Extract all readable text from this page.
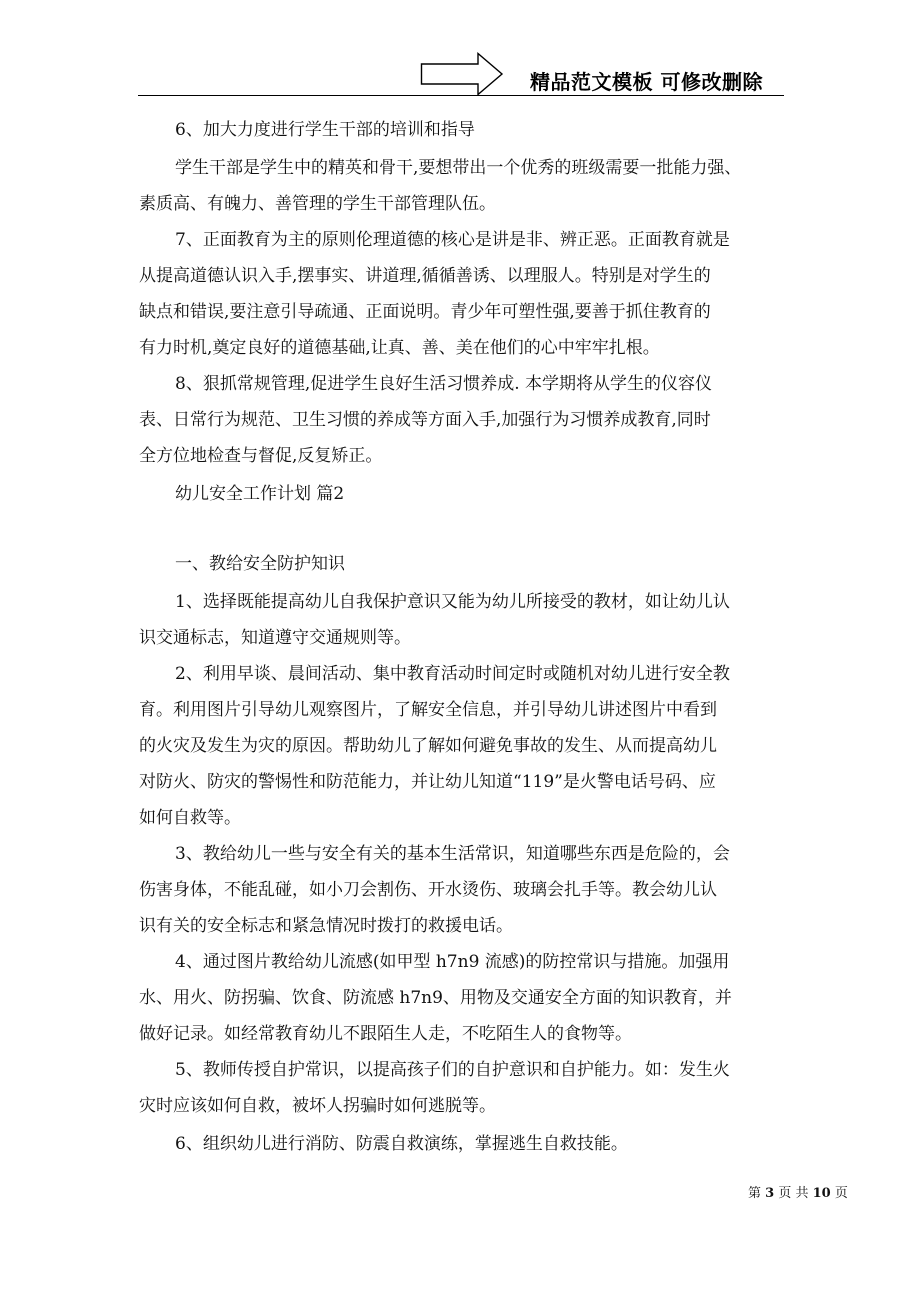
精品范文模板 可修改删除
6、加大力度进行学生干部的培训和指导
学生干部是学生中的精英和骨干,要想带出一个优秀的班级需要一批能力强、
素质高、有魄力、善管理的学生干部管理队伍。
7、正面教育为主的原则伦理道德的核心是讲是非、辨正恶。正面教育就是
从提高道德认识入手,摆事实、讲道理,循循善诱、以理服人。特别是对学生的
缺点和错误,要注意引导疏通、正面说明。青少年可塑性强,要善于抓住教育的
有力时机,奠定良好的道德基础,让真、善、美在他们的心中牢牢扎根。
8、狠抓常规管理,促进学生良好生活习惯养成. 本学期将从学生的仪容仪
表、日常行为规范、卫生习惯的养成等方面入手,加强行为习惯养成教育,同时
全方位地检查与督促,反复矫正。
幼儿安全工作计划 篇2
一、教给安全防护知识
1、选择既能提高幼儿自我保护意识又能为幼儿所接受的教材，如让幼儿认
识交通标志，知道遵守交通规则等。
2、利用早谈、晨间活动、集中教育活动时间定时或随机对幼儿进行安全教
育。利用图片引导幼儿观察图片，了解安全信息，并引导幼儿讲述图片中看到
的火灾及发生为灾的原因。帮助幼儿了解如何避免事故的发生、从而提高幼儿
对防火、防灾的警惕性和防范能力，并让幼儿知道“119”是火警电话号码、应
如何自救等。
3、教给幼儿一些与安全有关的基本生活常识，知道哪些东西是危险的，会
伤害身体，不能乱碰，如小刀会割伤、开水烫伤、玻璃会扎手等。教会幼儿认
识有关的安全标志和紧急情况时拨打的救援电话。
4、通过图片教给幼儿流感(如甲型 h7n9 流感)的防控常识与措施。加强用
水、用火、防拐骗、饮食、防流感 h7n9、用物及交通安全方面的知识教育，并
做好记录。如经常教育幼儿不跟陌生人走，不吃陌生人的食物等。
5、教师传授自护常识，以提高孩子们的自护意识和自护能力。如：发生火
灾时应该如何自救，被坏人拐骗时如何逃脱等。
6、组织幼儿进行消防、防震自救演练，掌握逃生自救技能。
第 3 页 共 10 页
